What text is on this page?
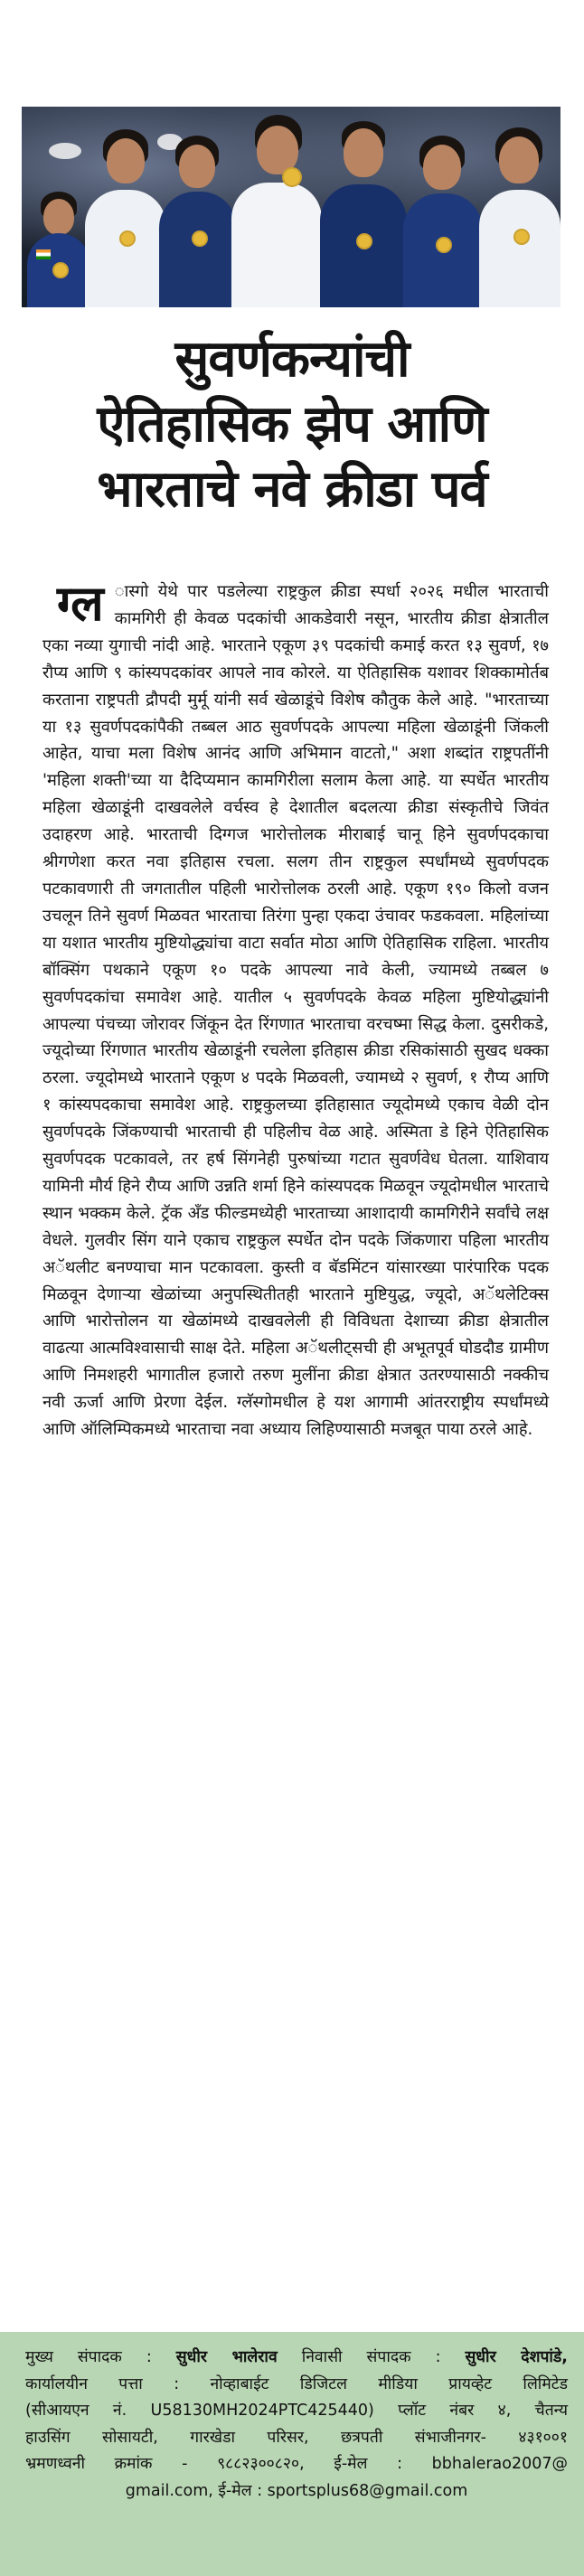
सुवर्णकन्यांची
ऐतिहासिक झेप आणि
भारताचे नवे क्रीडा पर्व
ग्ल ास्गो येथे पार पडलेल्या राष्ट्रकुल क्रीडा स्पर्धा २०२६ मधील भारताची कामगिरी ही केवळ पदकांची आकडेवारी नसून, भारतीय क्रीडा क्षेत्रातील एका नव्या युगाची नांदी आहे. भारताने एकूण ३९ पदकांची कमाई करत १३ सुवर्ण, १७ रौप्य आणि ९ कांस्यपदकांवर आपले नाव कोरले. या ऐतिहासिक यशावर शिक्कामोर्तब करताना राष्ट्रपती द्रौपदी मुर्मू यांनी सर्व खेळाडूंचे विशेष कौतुक केले आहे. "भारताच्या या १३ सुवर्णपदकांपैकी तब्बल आठ सुवर्णपदके आपल्या महिला खेळाडूंनी जिंकली आहेत, याचा मला विशेष आनंद आणि अभिमान वाटतो," अशा शब्दांत राष्ट्रपतींनी 'महिला शक्ती'च्या या दैदिप्यमान कामगिरीला सलाम केला आहे. या स्पर्धेत भारतीय महिला खेळाडूंनी दाखवलेले वर्चस्व हे देशातील बदलत्या क्रीडा संस्कृतीचे जिवंत उदाहरण आहे. भारताची दिग्गज भारोत्तोलक मीराबाई चानू हिने सुवर्णपदकाचा श्रीगणेशा करत नवा इतिहास रचला. सलग तीन राष्ट्रकुल स्पर्धांमध्ये सुवर्णपदक पटकावणारी ती जगतातील पहिली भारोत्तोलक ठरली आहे. एकूण १९० किलो वजन उचलून तिने सुवर्ण मिळवत भारताचा तिरंगा पुन्हा एकदा उंचावर फडकवला. महिलांच्या या यशात भारतीय मुष्टियोद्ध्यांचा वाटा सर्वात मोठा आणि ऐतिहासिक राहिला. भारतीय बॉक्सिंग पथकाने एकूण १० पदके आपल्या नावे केली, ज्यामध्ये तब्बल ७ सुवर्णपदकांचा समावेश आहे. यातील ५ सुवर्णपदके केवळ महिला मुष्टियोद्ध्यांनी आपल्या पंचच्या जोरावर जिंकून देत रिंगणात भारताचा वरचष्मा सिद्ध केला. दुसरीकडे, ज्यूदोच्या रिंगणात भारतीय खेळाडूंनी रचलेला इतिहास क्रीडा रसिकांसाठी सुखद धक्का ठरला. ज्यूदोमध्ये भारताने एकूण ४ पदके मिळवली, ज्यामध्ये २ सुवर्ण, १ रौप्य आणि १ कांस्यपदकाचा समावेश आहे. राष्ट्रकुलच्या इतिहासात ज्यूदोमध्ये एकाच वेळी दोन सुवर्णपदके जिंकण्याची भारताची ही पहिलीच वेळ आहे. अस्मिता डे हिने ऐतिहासिक सुवर्णपदक पटकावले, तर हर्ष सिंगनेही पुरुषांच्या गटात सुवर्णवेध घेतला. याशिवाय यामिनी मौर्य हिने रौप्य आणि उन्नति शर्मा हिने कांस्यपदक मिळवून ज्यूदोमधील भारताचे स्थान भक्कम केले. ट्रॅक अँड फील्डमध्येही भारताच्या आशादायी कामगिरीने सर्वांचे लक्ष वेधले. गुलवीर सिंग याने एकाच राष्ट्रकुल स्पर्धेत दोन पदके जिंकणारा पहिला भारतीय अॅथलीट बनण्याचा मान पटकावला. कुस्ती व बॅडमिंटन यांसारख्या पारंपारिक पदक मिळवून देणाऱ्या खेळांच्या अनुपस्थितीतही भारताने मुष्टियुद्ध, ज्यूदो, अॅथलेटिक्स आणि भारोत्तोलन या खेळांमध्ये दाखवलेली ही विविधता देशाच्या क्रीडा क्षेत्रातील वाढत्या आत्मविश्वासाची साक्ष देते. महिला अॅथलीट्सची ही अभूतपूर्व घोडदौड ग्रामीण आणि निमशहरी भागातील हजारो तरुण मुलींना क्रीडा क्षेत्रात उतरण्यासाठी नक्कीच नवी ऊर्जा आणि प्रेरणा देईल. ग्लॅस्गोमधील हे यश आगामी आंतरराष्ट्रीय स्पर्धांमध्ये आणि ऑलिम्पिकमध्ये भारताचा नवा अध्याय लिहिण्यासाठी मजबूत पाया ठरले आहे.

मुख्य संपादक : सुधीर भालेराव निवासी संपादक : सुधीर देशपांडे,
कार्यालयीन पत्ता : नोव्हाबाईट डिजिटल मीडिया प्रायव्हेट लिमिटेड
(सीआयएन नं. U58130MH2024PTC425440) प्लॉट नंबर ४, चैतन्य
हाउसिंग सोसायटी, गारखेडा परिसर, छत्रपती संभाजीनगर- ४३१००१
भ्रमणध्वनी क्रमांक - ९८८२३००८२०, ई-मेल : bbhalerao2007@
gmail.com, ई-मेल : sportsplus68@gmail.com
